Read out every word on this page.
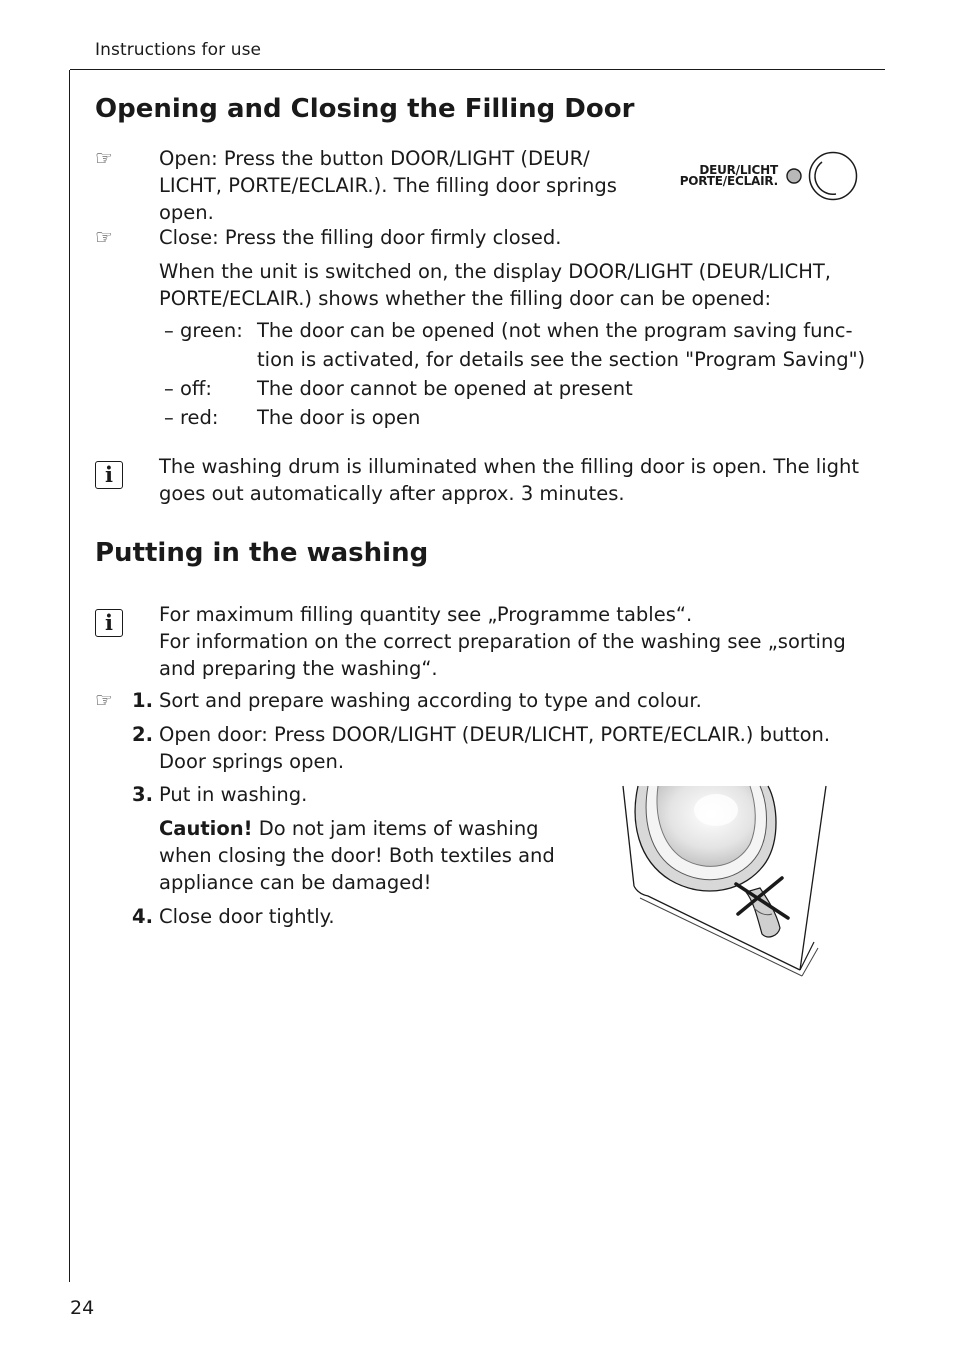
Instructions for use
Opening and Closing the Filling Door
☞ Open: Press the button DOOR/LIGHT (DEUR/
LICHT, PORTE/ECLAIR.). The filling door springs
open.
DEUR/LICHT
PORTE/ECLAIR.
☞ Close: Press the filling door firmly closed.
When the unit is switched on, the display DOOR/LIGHT (DEUR/LICHT,
PORTE/ECLAIR.) shows whether the filling door can be opened:
– green: The door can be opened (not when the program saving func-
tion is activated, for details see the section "Program Saving")
– off: The door cannot be opened at present
– red: The door is open
i	The washing drum is illuminated when the filling door is open. The light
goes out automatically after approx. 3 minutes.
Putting in the washing
i	For maximum filling quantity see „Programme tables“.
For information on the correct preparation of the washing see „sorting
and preparing the washing“.
☞ 1. Sort and prepare washing according to type and colour.
2. Open door: Press DOOR/LIGHT (DEUR/LICHT, PORTE/ECLAIR.) button.
Door springs open.
3. Put in washing.
Caution! Do not jam items of washing
when closing the door! Both textiles and
appliance can be damaged!
4. Close door tightly.
24
